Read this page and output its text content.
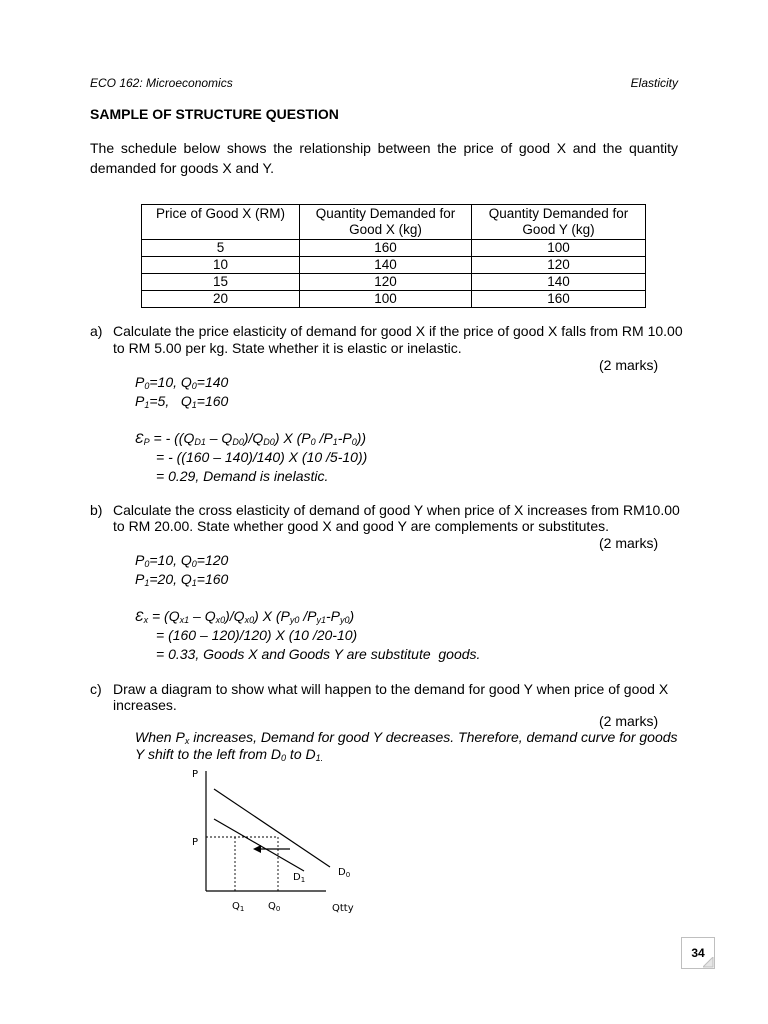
ECO 162: Microeconomics	Elasticity
SAMPLE OF STRUCTURE QUESTION
The schedule below shows the relationship between the price of good X and the quantity demanded for goods X and Y.
Price of Good X (RM)	Quantity Demanded for Good X (kg)	Quantity Demanded for Good Y (kg)
5	160	100
10	140	120
15	120	140
20	100	160
a) Calculate the price elasticity of demand for good X if the price of good X falls from RM 10.00
to RM 5.00 per kg. State whether it is elastic or inelastic.
(2 marks)
$P_0=10$, $Q_0=140$
$P_1=5$,   $Q_1=160$
$Ɛ_P$ = - $((Q_{D1} - Q_{D0})/Q_{D0})$ X ($P_0$ $/P_1-P_0$))
= - ((160 – 140)/140) X (10 /5-10))
= 0.29, Demand is inelastic.
b) Calculate the cross elasticity of demand of good Y when price of X increases from RM10.00
to RM 20.00. State whether good X and good Y are complements or substitutes.
(2 marks)
$P_0=10$, $Q_0=120$
$P_1=20$, $Q_1=160$
$Ɛ_x = (Q_{x1} - Q_{x0})/Q_{x0}$) X ($P_{y0}$ $/P_{y1}-P_{y0}$)
= (160 – 120)/120) X (10 /20-10)
= 0.33, Goods X and Goods Y are substitute  goods.
c) Draw a diagram to show what will happen to the demand for good Y when price of good X
increases.
(2 marks)
When $P_x$ increases, Demand for good Y decreases. Therefore, demand curve for goods
Y shift to the left from $D_0$ to $D_{1.}$
P
P
Qtty
$Q_1$ $Q_0$
$D_0$
$D_1$
34
